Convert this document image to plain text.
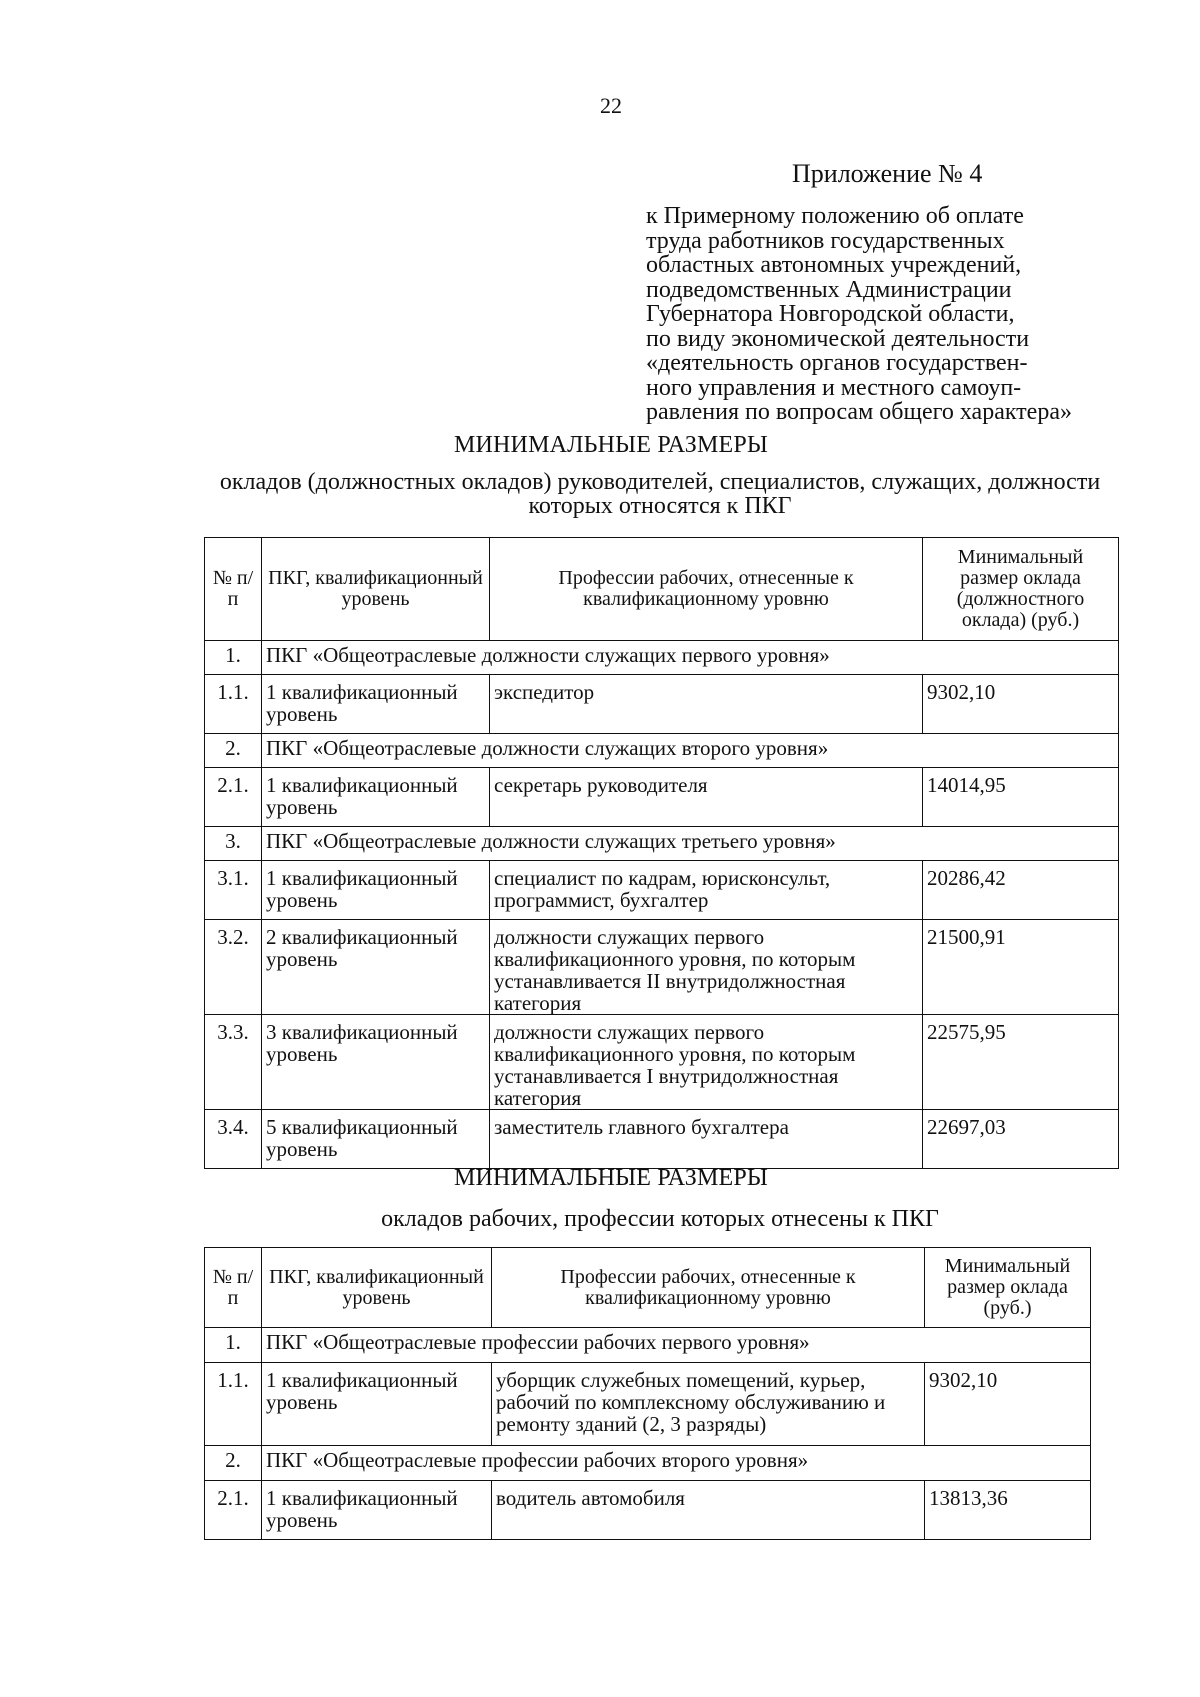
22
Приложение № 4
к Примерному положению об оплате
труда работников государственных
областных автономных учреждений,
подведомственных Администрации
Губернатора Новгородской области,
по виду экономической деятельности
«деятельность органов государствен-
ного управления и местного самоуп-
равления по вопросам общего характера»
МИНИМАЛЬНЫЕ РАЗМЕРЫ
окладов (должностных окладов) руководителей, специалистов, служащих, должности которых относятся к ПКГ
№ п/п	ПКГ, квалификационный уровень	Профессии рабочих, отнесенные к квалификационному уровню	Минимальный размер оклада (должностного оклада) (руб.)
1.	ПКГ «Общеотраслевые должности служащих первого уровня»		
1.1.	1 квалификационный уровень	экспедитор	9302,10
2.	ПКГ «Общеотраслевые должности служащих второго уровня»		
2.1.	1 квалификационный уровень	секретарь руководителя	14014,95
3.	ПКГ «Общеотраслевые должности служащих третьего уровня»		
3.1.	1 квалификационный уровень	специалист по кадрам, юрисконсульт, программист, бухгалтер	20286,42
3.2.	2 квалификационный уровень	должности служащих первого квалификационного уровня, по которым устанавливается II внутридолжностная категория	21500,91
3.3.	3 квалификационный уровень	должности служащих первого квалификационного уровня, по которым устанавливается I внутридолжностная категория	22575,95
3.4.	5 квалификационный уровень	заместитель главного бухгалтера	22697,03
МИНИМАЛЬНЫЕ РАЗМЕРЫ
окладов рабочих, профессии которых отнесены к ПКГ
№ п/п	ПКГ, квалификационный уровень	Профессии рабочих, отнесенные к квалификационному уровню	Минимальный размер оклада (руб.)
1.	ПКГ «Общеотраслевые профессии рабочих первого уровня»		
1.1.	1 квалификационный уровень	уборщик служебных помещений, курьер, рабочий по комплексному обслуживанию и ремонту зданий (2, 3 разряды)	9302,10
2.	ПКГ «Общеотраслевые профессии рабочих второго уровня»		
2.1.	1 квалификационный уровень	водитель автомобиля	13813,36
